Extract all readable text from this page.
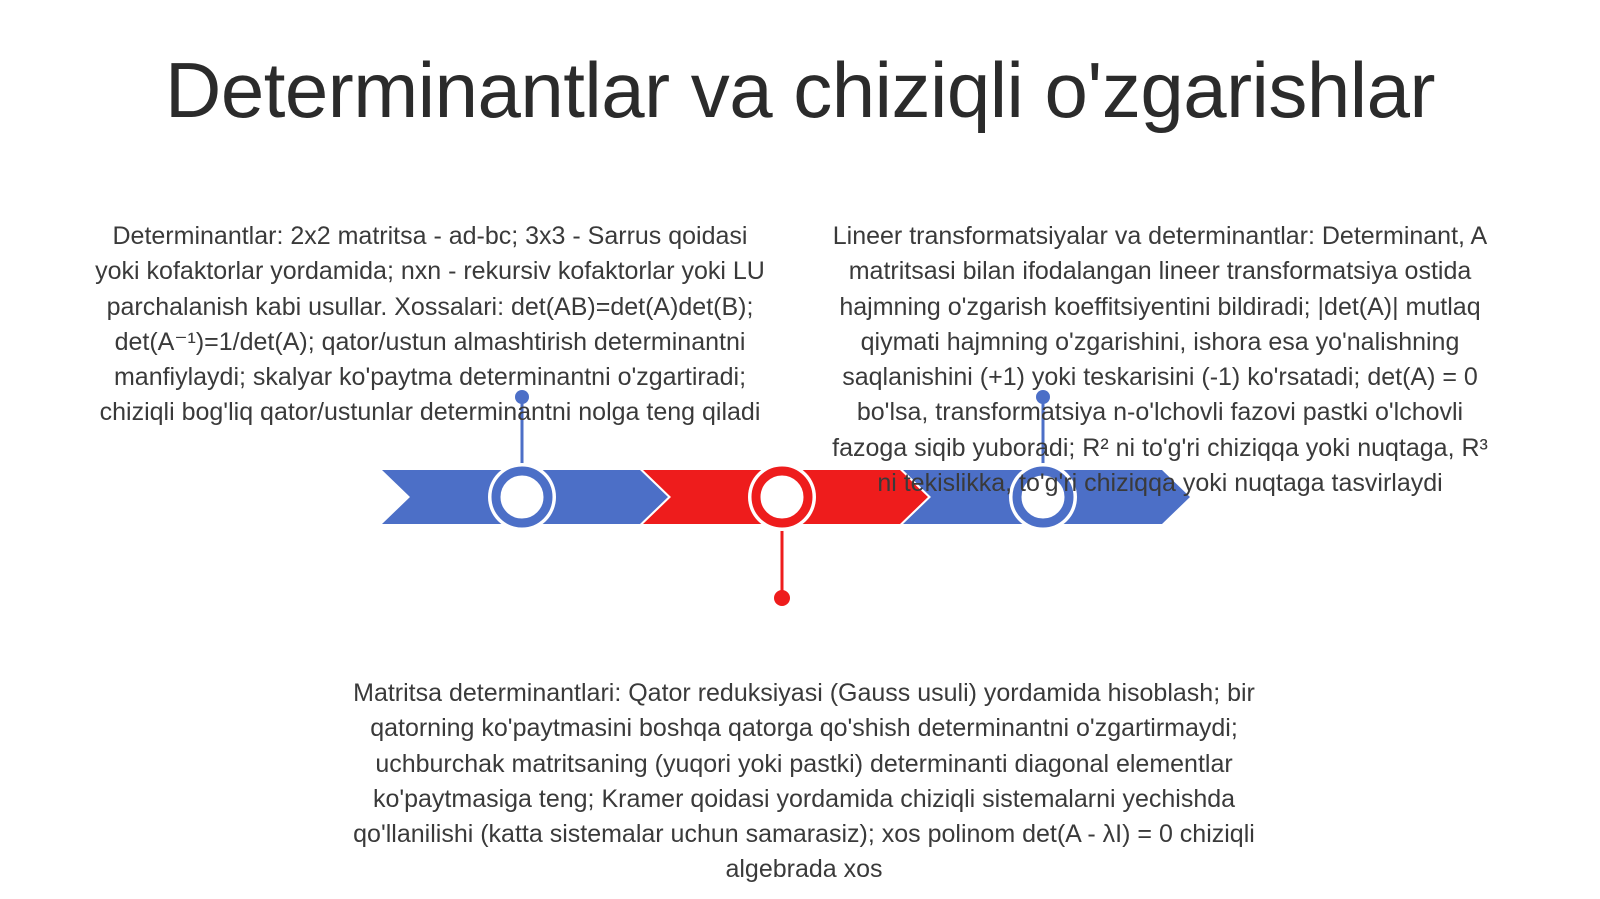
Determinantlar va chiziqli o'zgarishlar
Determinantlar: 2x2 matritsa - ad-bc; 3x3 - Sarrus qoidasi yoki kofaktorlar yordamida; nxn - rekursiv kofaktorlar yoki LU parchalanish kabi usullar. Xossalari: det(AB)=det(A)det(B); det(A⁻¹)=1/det(A); qator/ustun almashtirish determinantni manfiylaydi; skalyar ko'paytma determinantni o'zgartiradi; chiziqli bog'liq qator/ustunlar determinantni nolga teng qiladi
Lineer transformatsiyalar va determinantlar: Determinant, A matritsasi bilan ifodalangan lineer transformatsiya ostida hajmning o'zgarish koeffitsiyentini bildiradi; |det(A)| mutlaq qiymati hajmning o'zgarishini, ishora esa yo'nalishning saqlanishini (+1) yoki teskarisini (-1) ko'rsatadi; det(A) = 0 bo'lsa, transformatsiya n-o'lchovli fazovi pastki o'lchovli fazoga siqib yuboradi; R² ni to'g'ri chiziqqa yoki nuqtaga, R³ ni tekislikka, to'g'ri chiziqqa yoki nuqtaga tasvirlaydi
Matritsa determinantlari: Qator reduksiyasi (Gauss usuli) yordamida hisoblash; bir qatorning ko'paytmasini boshqa qatorga qo'shish determinantni o'zgartirmaydi; uchburchak matritsaning (yuqori yoki pastki) determinanti diagonal elementlar ko'paytmasiga teng; Kramer qoidasi yordamida chiziqli sistemalarni yechishda qo'llanilishi (katta sistemalar uchun samarasiz); xos polinom det(A - λI) = 0 chiziqli algebrada xos
